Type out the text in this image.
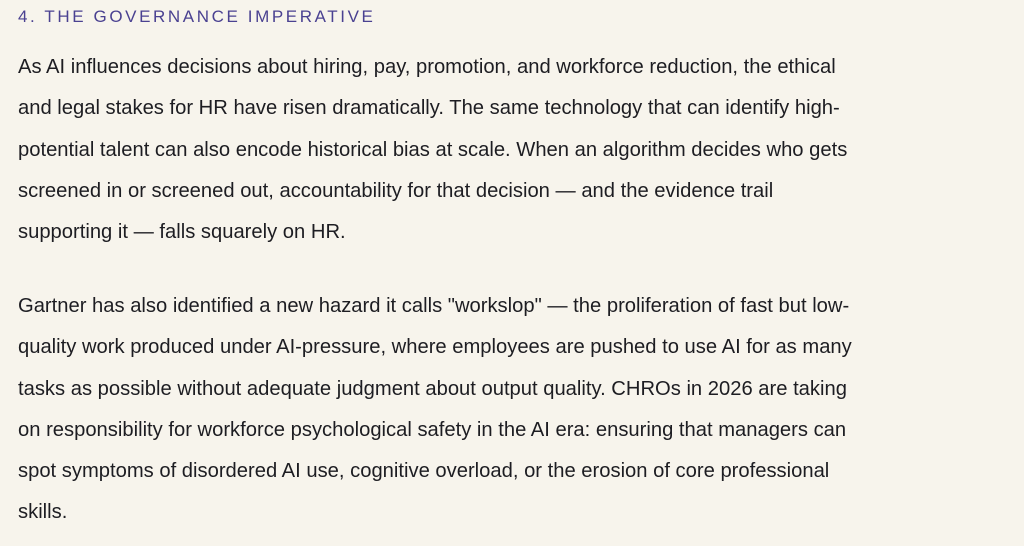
4. THE GOVERNANCE IMPERATIVE

As AI influences decisions about hiring, pay, promotion, and workforce reduction, the ethical
and legal stakes for HR have risen dramatically. The same technology that can identify high-
potential talent can also encode historical bias at scale. When an algorithm decides who gets
screened in or screened out, accountability for that decision — and the evidence trail
supporting it — falls squarely on HR.

Gartner has also identified a new hazard it calls "workslop" — the proliferation of fast but low-
quality work produced under AI-pressure, where employees are pushed to use AI for as many
tasks as possible without adequate judgment about output quality. CHROs in 2026 are taking
on responsibility for workforce psychological safety in the AI era: ensuring that managers can
spot symptoms of disordered AI use, cognitive overload, or the erosion of core professional
skills.
